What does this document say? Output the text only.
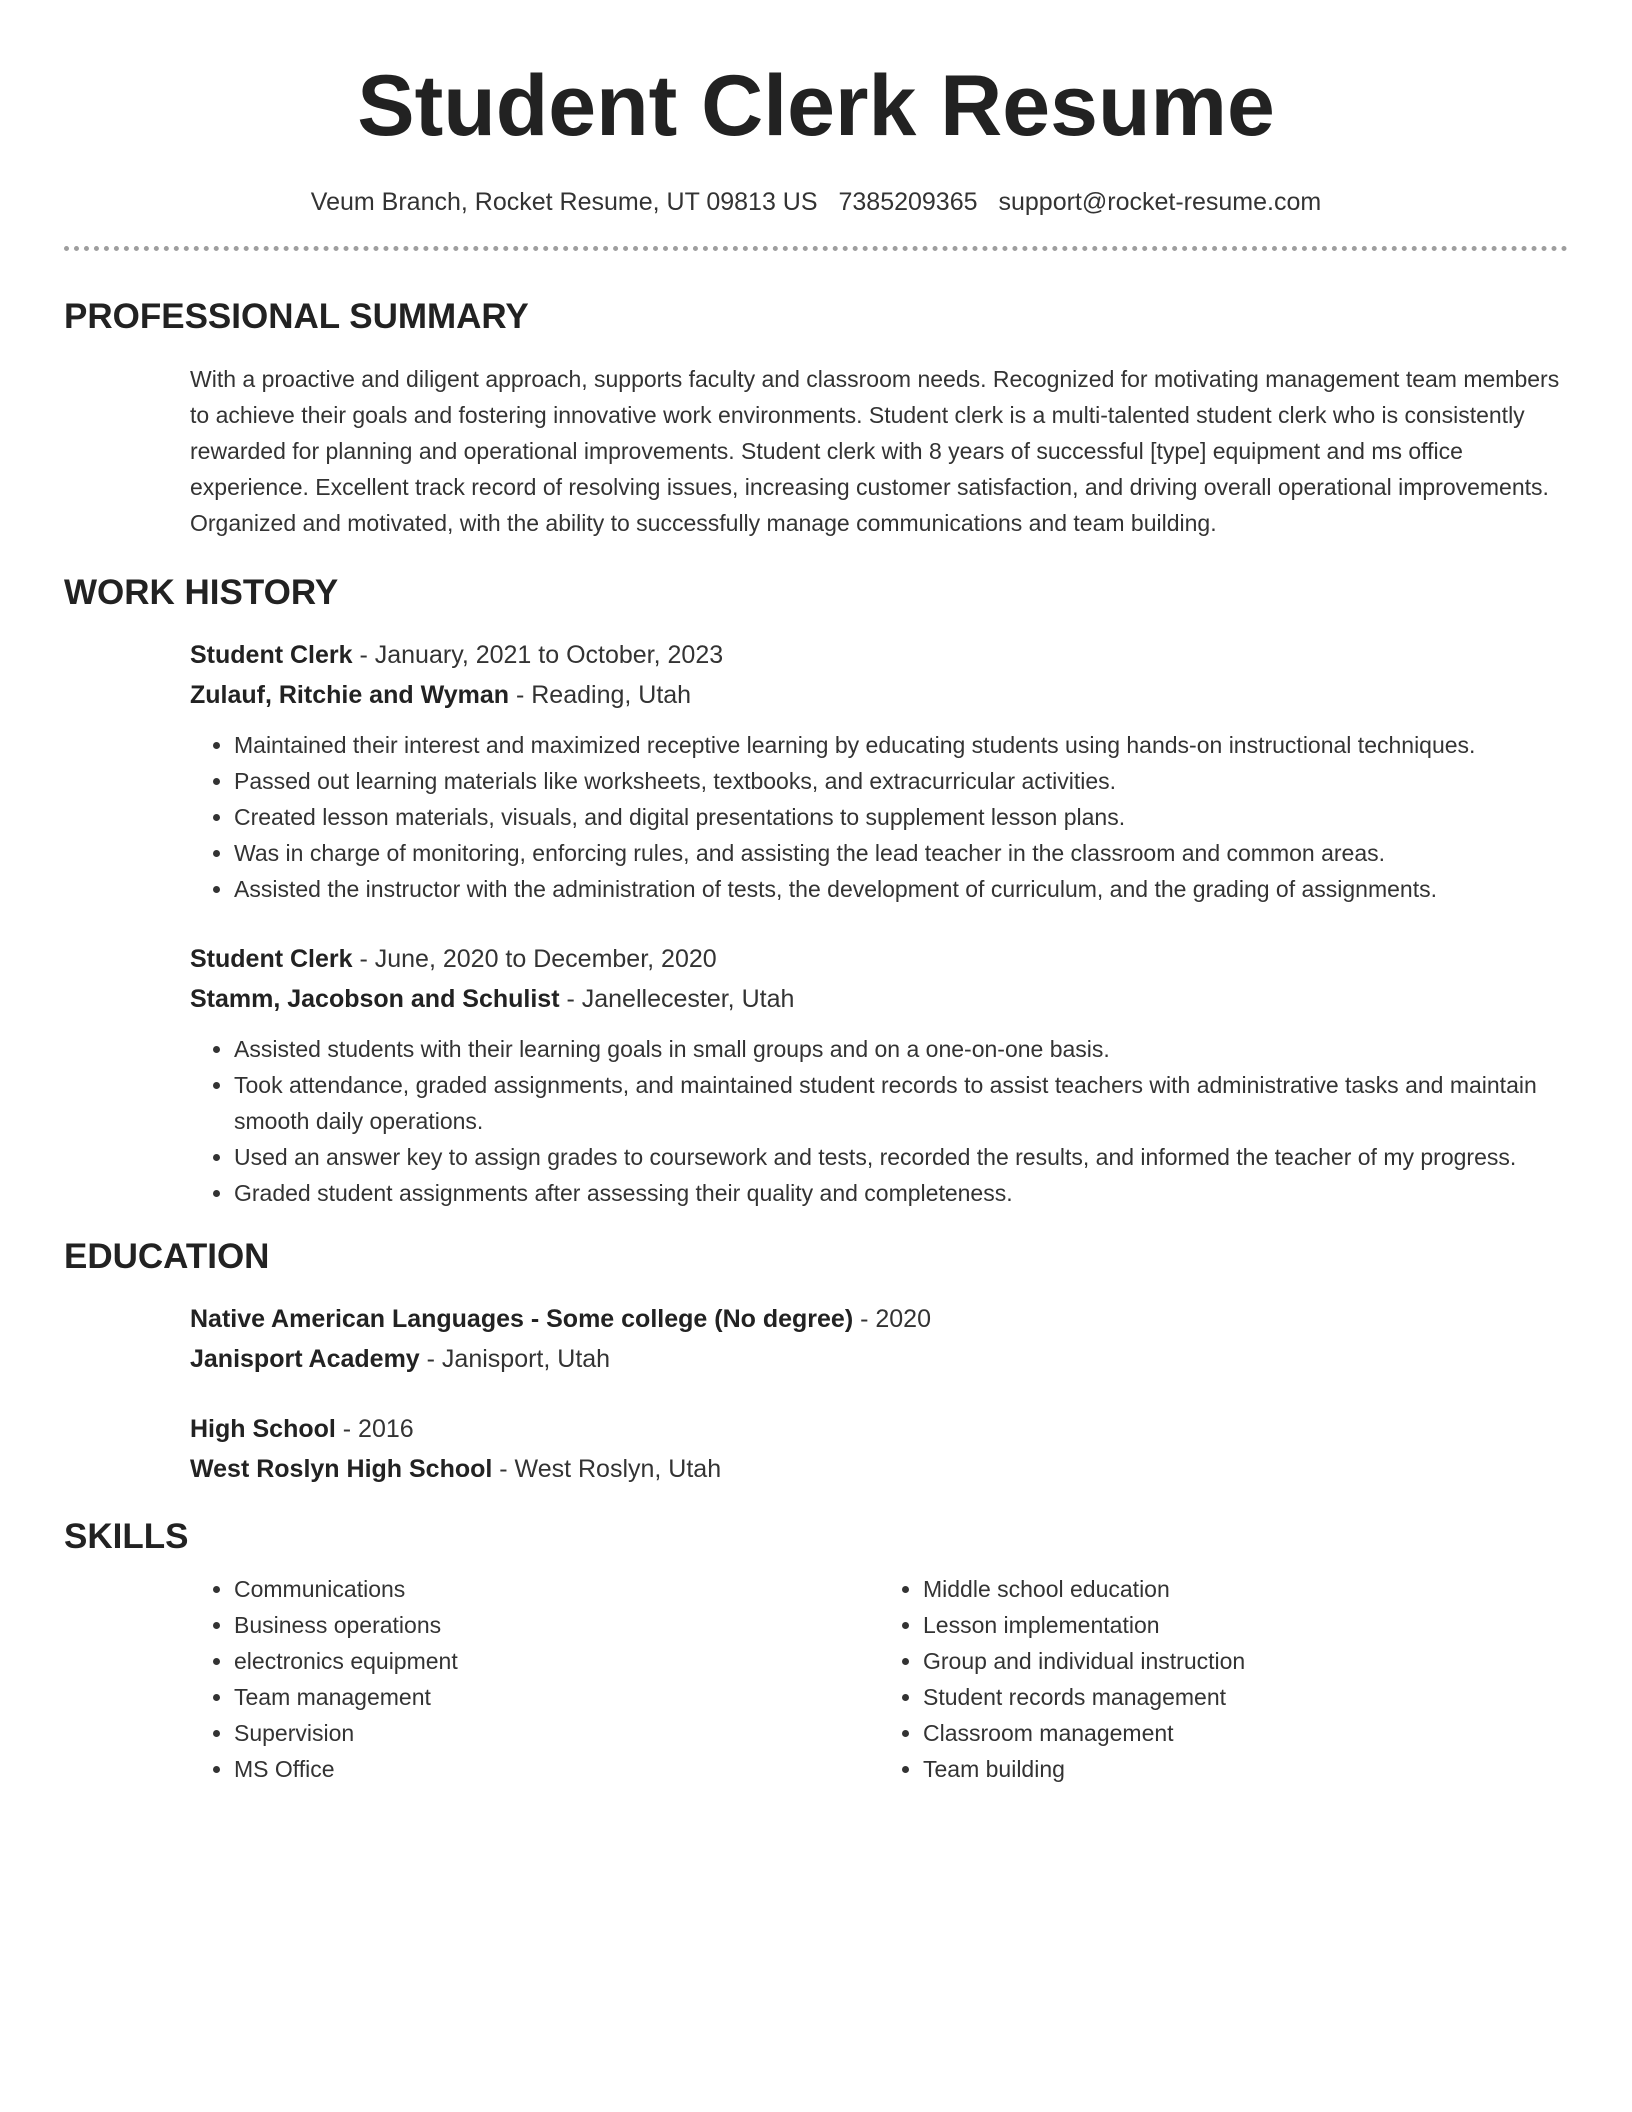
Student Clerk Resume
Veum Branch, Rocket Resume, UT 09813 US 7385209365 support@rocket-resume.com
PROFESSIONAL SUMMARY

With a proactive and diligent approach, supports faculty and classroom needs. Recognized for motivating management team members to achieve their goals and fostering innovative work environments. Student clerk is a multi-talented student clerk who is consistently rewarded for planning and operational improvements. Student clerk with 8 years of successful [type] equipment and ms office experience. Excellent track record of resolving issues, increasing customer satisfaction, and driving overall operational improvements. Organized and motivated, with the ability to successfully manage communications and team building.

WORK HISTORY
Student Clerk - January, 2021 to October, 2023
Zulauf, Ritchie and Wyman - Reading, Utah
• Maintained their interest and maximized receptive learning by educating students using hands-on instructional techniques.
• Passed out learning materials like worksheets, textbooks, and extracurricular activities.
• Created lesson materials, visuals, and digital presentations to supplement lesson plans.
• Was in charge of monitoring, enforcing rules, and assisting the lead teacher in the classroom and common areas.
• Assisted the instructor with the administration of tests, the development of curriculum, and the grading of assignments.
Student Clerk - June, 2020 to December, 2020
Stamm, Jacobson and Schulist - Janellecester, Utah
• Assisted students with their learning goals in small groups and on a one-on-one basis.
• Took attendance, graded assignments, and maintained student records to assist teachers with administrative tasks and maintain smooth daily operations.
• Used an answer key to assign grades to coursework and tests, recorded the results, and informed the teacher of my progress.
• Graded student assignments after assessing their quality and completeness.
EDUCATION
Native American Languages - Some college (No degree) - 2020
Janisport Academy - Janisport, Utah
High School - 2016
West Roslyn High School - West Roslyn, Utah
SKILLS
• Communications
• Business operations
• electronics equipment
• Team management
• Supervision
• MS Office
• Middle school education
• Lesson implementation
• Group and individual instruction
• Student records management
• Classroom management
• Team building
